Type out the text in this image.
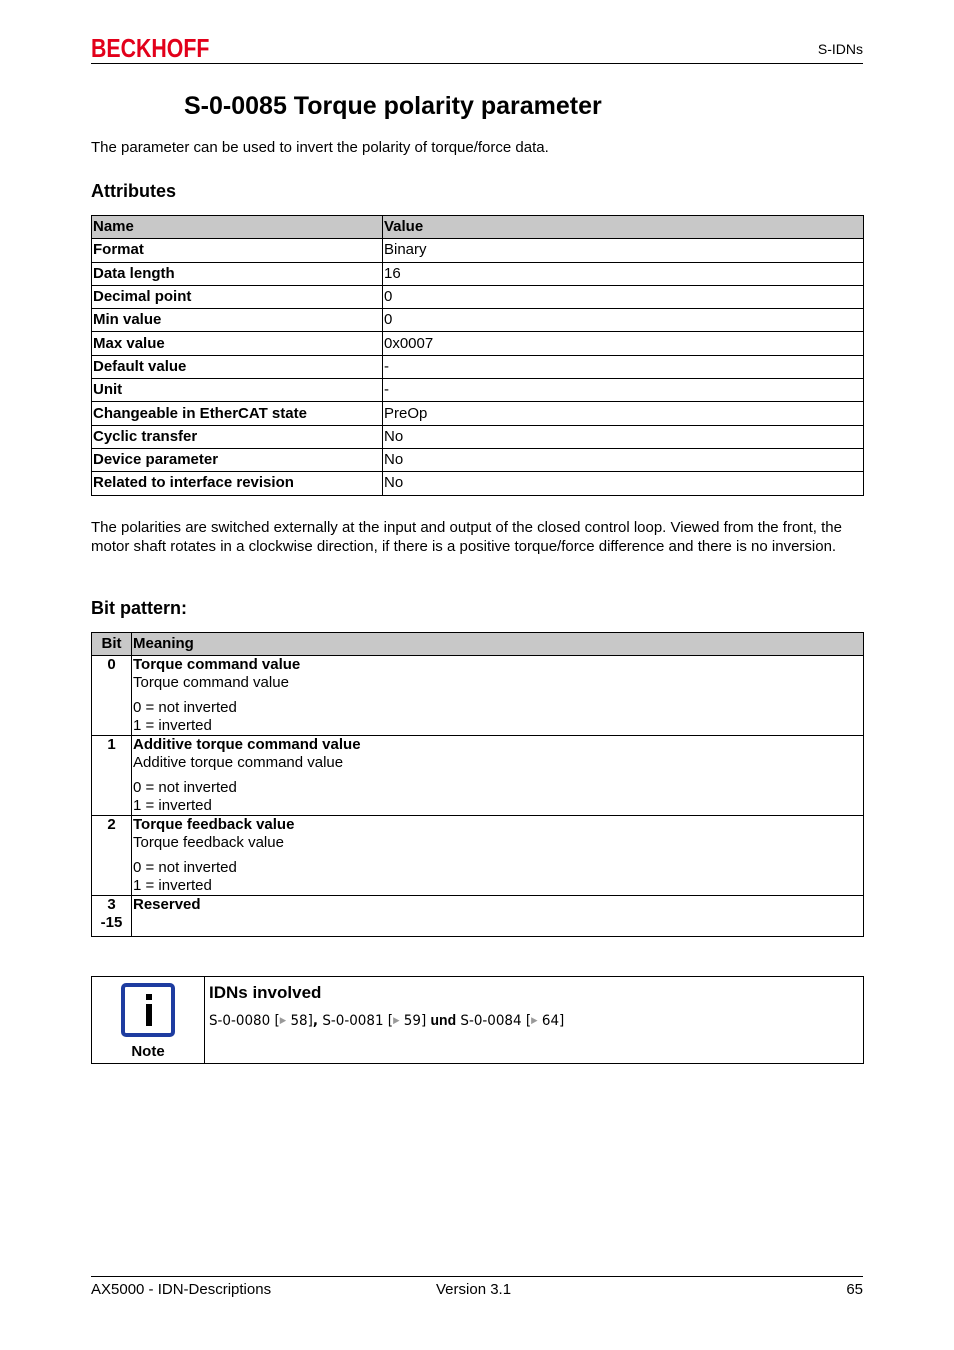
BECKHOFF	S-IDNs
S-0-0085 Torque polarity parameter
The parameter can be used to invert the polarity of torque/force data.
Attributes
Name	Value
Format	Binary
Data length	16
Decimal point	0
Min value	0
Max value	0x0007
Default value	-
Unit	-
Changeable in EtherCAT state	PreOp
Cyclic transfer	No
Device parameter	No
Related to interface revision	No
The polarities are switched externally at the input and output of the closed control loop. Viewed from the front, the motor shaft rotates in a clockwise direction, if there is a positive torque/force difference and there is no inversion.
Bit pattern:
Bit	Meaning
0	Torque command value
Torque command value
0 = not inverted
1 = inverted

1	Additive torque command value
Additive torque command value
0 = not inverted
1 = inverted

2	Torque feedback value
Torque feedback value
0 = not inverted
1 = inverted

3
-15	Reserved
Note
IDNs involved
S-0-0080 [▶ 58], S-0-0081 [▶ 59] und S-0-0084 [▶ 64]
AX5000 - IDN-Descriptions	Version 3.1	65
